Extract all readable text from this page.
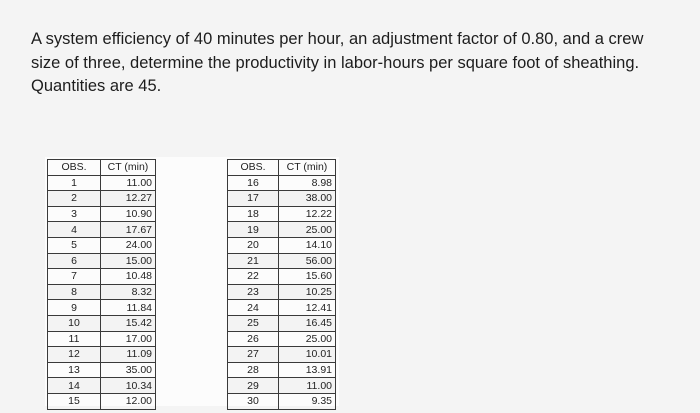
A system efficiency of 40 minutes per hour, an adjustment factor of 0.80, and a crew size of three, determine the productivity in labor-hours per square foot of sheathing. Quantities are 45.

OBS.	CT (min)
1	11.00
2	12.27
3	10.90
4	17.67
5	24.00
6	15.00
7	10.48
8	8.32
9	11.84
10	15.42
11	17.00
12	11.09
13	35.00
14	10.34
15	12.00
OBS.	CT (min)
16	8.98
17	38.00
18	12.22
19	25.00
20	14.10
21	56.00
22	15.60
23	10.25
24	12.41
25	16.45
26	25.00
27	10.01
28	13.91
29	11.00
30	9.35
